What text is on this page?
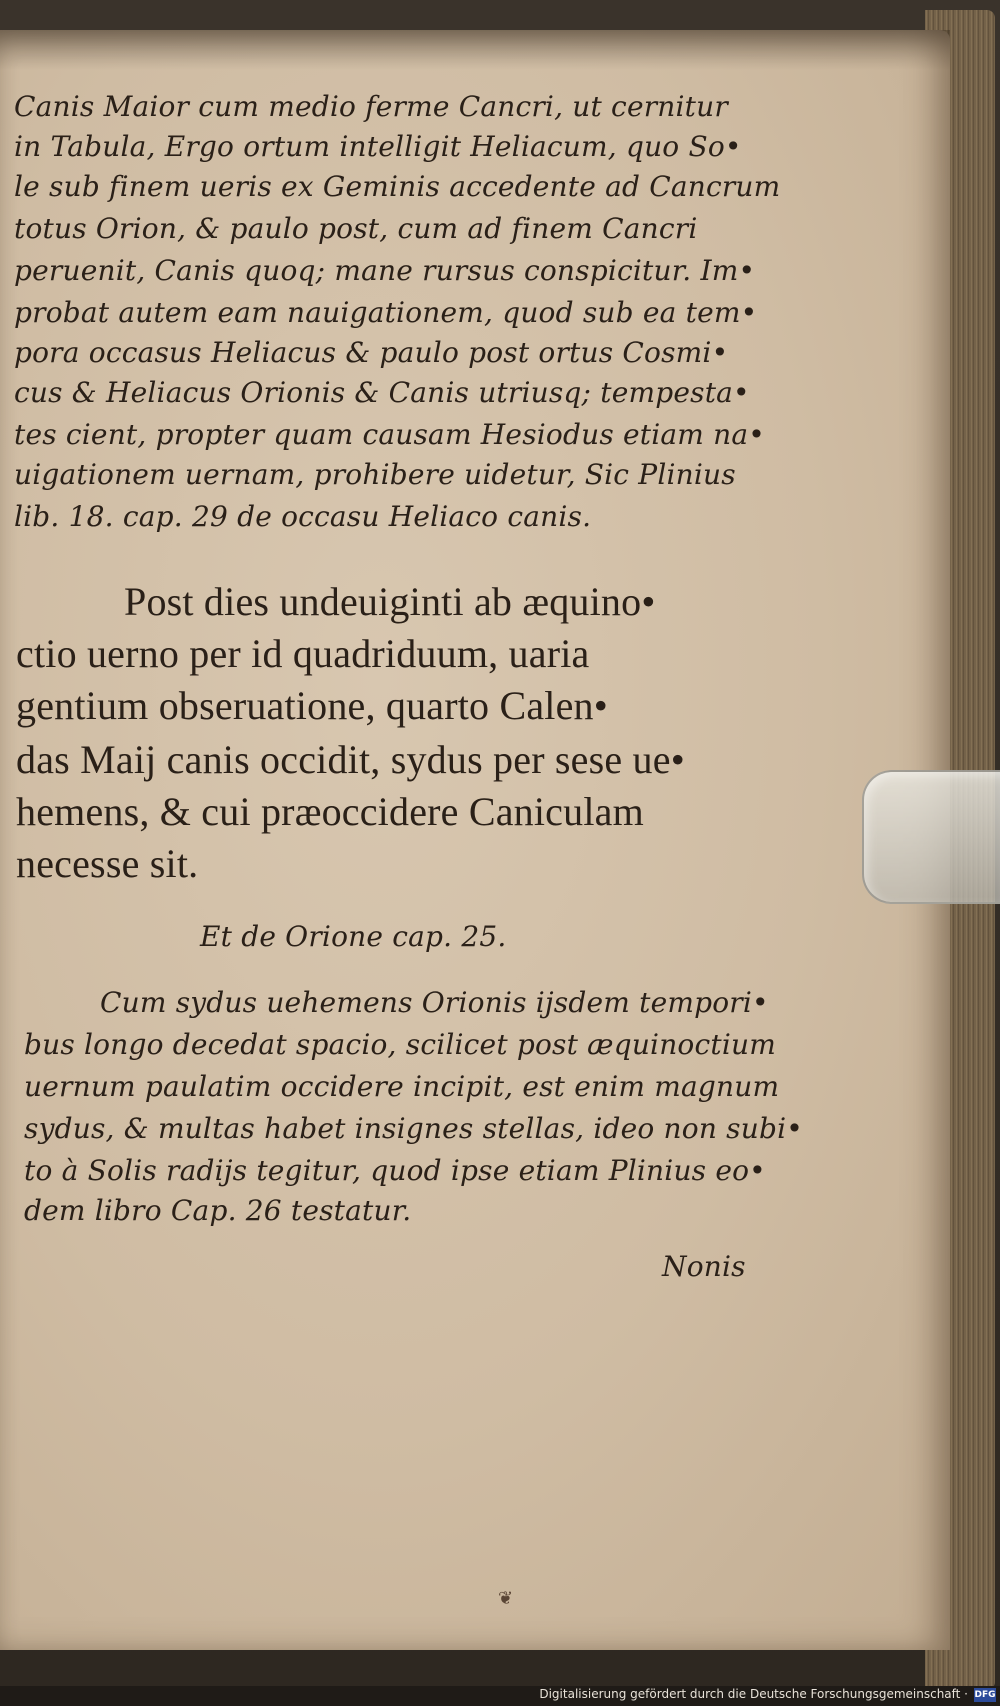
Canis Maior cum medio ferme Cancri, ut cernitur
in Tabula, Ergo ortum intelligit Heliacum, quo So•
le sub finem ueris ex Geminis accedente ad Cancrum
totus Orion, & paulo post, cum ad finem Cancri
peruenit, Canis quoq; mane rursus conspicitur. Im•
probat autem eam nauigationem, quod sub ea tem•
pora occasus Heliacus & paulo post ortus Cosmi•
cus & Heliacus Orionis & Canis utriusq; tempesta•
tes cient, propter quam causam Hesiodus etiam na•
uigationem uernam, prohibere uidetur, Sic Plinius
lib. 18. cap. 29 de occasu Heliaco canis.
Post dies undeuiginti ab æquino•
ctio uerno per id quadriduum, uaria
gentium obseruatione, quarto Calen•
das Maij canis occidit, sydus per sese ue•
hemens, & cui præoccidere Caniculam
necesse sit.
Et de Orione cap. 25.
Cum sydus uehemens Orionis ijsdem tempori•
bus longo decedat spacio, scilicet post æquinoctium
uernum paulatim occidere incipit, est enim magnum
sydus, & multas habet insignes stellas, ideo non subi•
to à Solis radijs tegitur, quod ipse etiam Plinius eo•
dem libro Cap. 26 testatur.
Nonis
❦
Digitalisierung gefördert durch die Deutsche Forschungsgemeinschaft · DFG
